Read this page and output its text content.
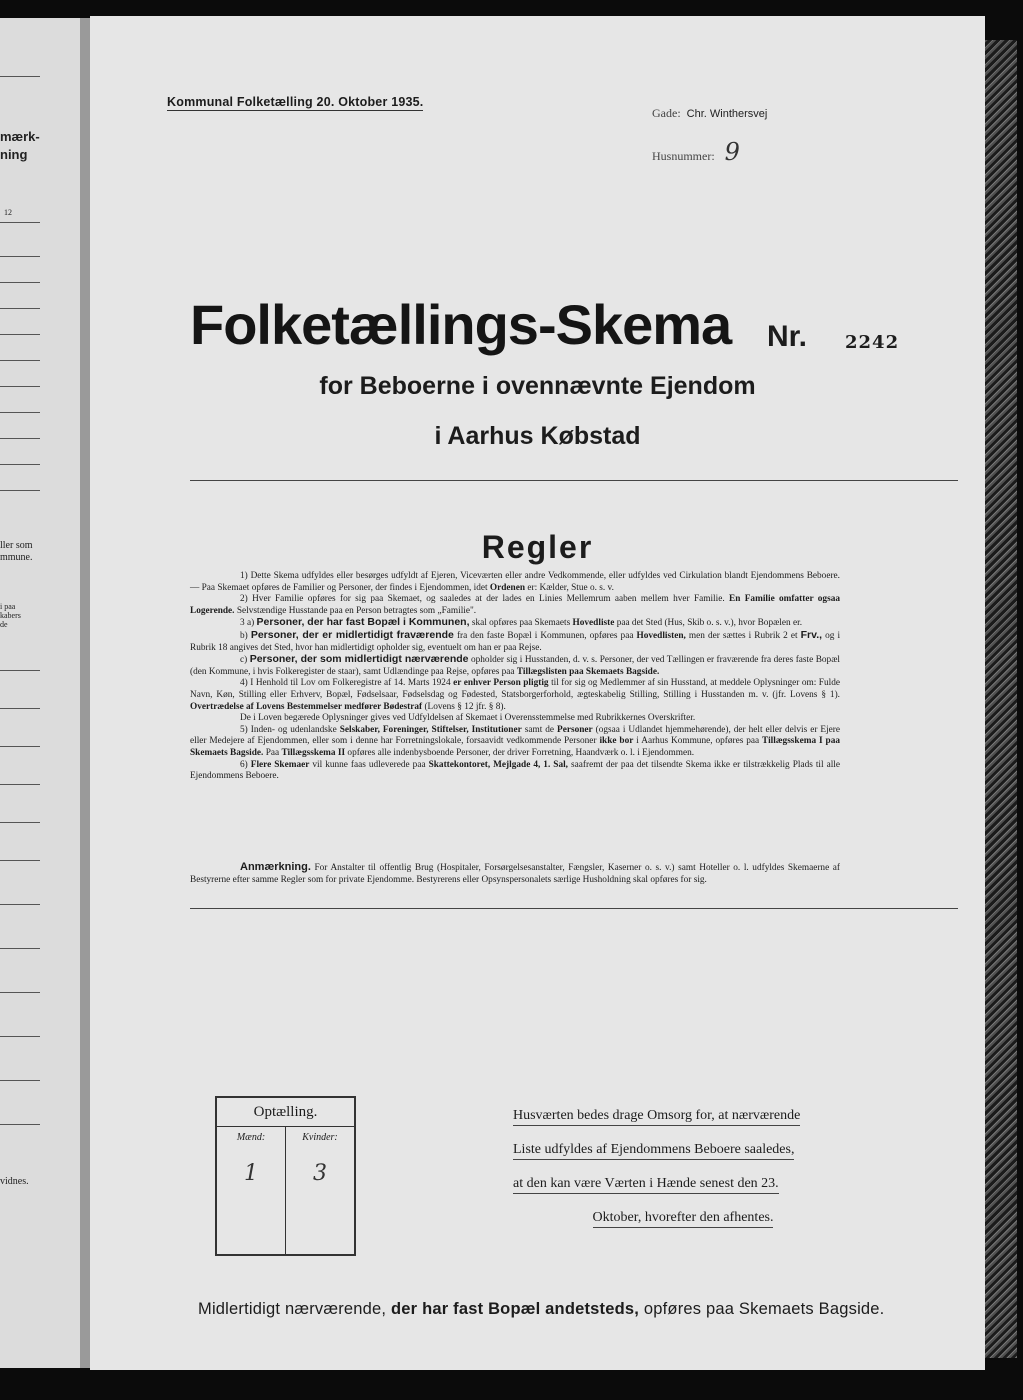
mærk-
ning
12
ller som
mmune.
i paa
kabers
de
vidnes.
Kommunal Folketælling 20. Oktober 1935.
Gade: Chr. Winthersvej
Husnummer: 9
Folketællings-Skema Nr. 2242
for Beboerne i ovennævnte Ejendom
i Aarhus Købstad
Regler

1) Dette Skema udfyldes eller besørges udfyldt af Ejeren, Viceværten eller andre Vedkommende, eller udfyldes ved Cirkulation blandt Ejendommens Beboere. — Paa Skemaet opføres de Familier og Personer, der findes i Ejendommen, idet Ordenen er: Kælder, Stue o. s. v.

2) Hver Familie opføres for sig paa Skemaet, og saaledes at der lades en Linies Mellemrum aaben mellem hver Familie. En Familie omfatter ogsaa Logerende. Selvstændige Husstande paa en Person betragtes som „Familie".

3 a) Personer, der har fast Bopæl i Kommunen, skal opføres paa Skemaets Hovedliste paa det Sted (Hus, Skib o. s. v.), hvor Bopælen er.

b) Personer, der er midlertidigt fraværende fra den faste Bopæl i Kommunen, opføres paa Hovedlisten, men der sættes i Rubrik 2 et Frv., og i Rubrik 18 angives det Sted, hvor han midlertidigt opholder sig, eventuelt om han er paa Rejse.

c) Personer, der som midlertidigt nærværende opholder sig i Husstanden, d. v. s. Personer, der ved Tællingen er fraværende fra deres faste Bopæl (den Kommune, i hvis Folkeregister de staar), samt Udlændinge paa Rejse, opføres paa Tillægslisten paa Skemaets Bagside.

4) I Henhold til Lov om Folkeregistre af 14. Marts 1924 er enhver Person pligtig til for sig og Medlemmer af sin Husstand, at meddele Oplysninger om: Fulde Navn, Køn, Stilling eller Erhverv, Bopæl, Fødselsaar, Fødselsdag og Fødested, Statsborgerforhold, ægteskabelig Stilling, Stilling i Husstanden m. v. (jfr. Lovens § 1). Overtrædelse af Lovens Bestemmelser medfører Bødestraf (Lovens § 12 jfr. § 8).

De i Loven begærede Oplysninger gives ved Udfyldelsen af Skemaet i Overensstemmelse med Rubrikkernes Overskrifter.

5) Inden- og udenlandske Selskaber, Foreninger, Stiftelser, Institutioner samt de Personer (ogsaa i Udlandet hjemmehørende), der helt eller delvis er Ejere eller Medejere af Ejendommen, eller som i denne har Forretningslokale, forsaavidt vedkommende Personer ikke bor i Aarhus Kommune, opføres paa Tillægsskema I paa Skemaets Bagside. Paa Tillægsskema II opføres alle indenbysboende Personer, der driver Forretning, Haandværk o. l. i Ejendommen.

6) Flere Skemaer vil kunne faas udleverede paa Skattekontoret, Mejlgade 4, 1. Sal, saafremt der paa det tilsendte Skema ikke er tilstrækkelig Plads til alle Ejendommens Beboere.

Anmærkning. For Anstalter til offentlig Brug (Hospitaler, Forsørgelsesanstalter, Fængsler, Kaserner o. s. v.) samt Hoteller o. l. udfyldes Skemaerne af Bestyrerne efter samme Regler som for private Ejendomme. Bestyrerens eller Opsynspersonalets særlige Husholdning skal opføres for sig.

Optælling.
Mænd:
1
Kvinder:
3
Husværten bedes drage Omsorg for, at nærværende
Liste udfyldes af Ejendommens Beboere saaledes,
at den kan være Værten i Hænde senest den 23.
Oktober, hvorefter den afhentes.
Midlertidigt nærværende, der har fast Bopæl andetsteds, opføres paa Skemaets Bagside.
